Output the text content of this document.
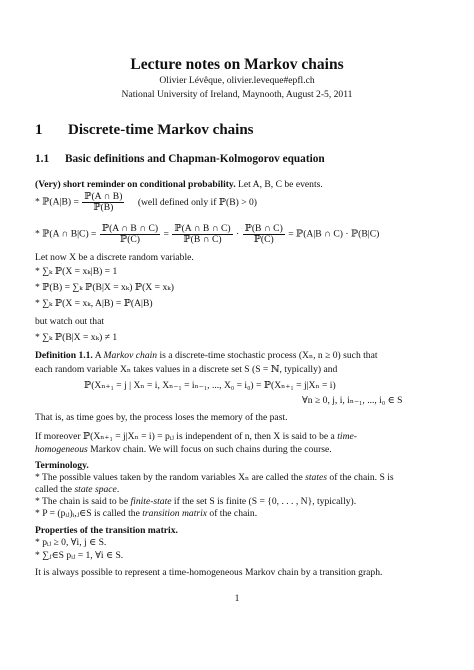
Lecture notes on Markov chains
Olivier Lévêque, olivier.leveque#epfl.ch
National University of Ireland, Maynooth, August 2-5, 2011
1 Discrete-time Markov chains
1.1 Basic definitions and Chapman-Kolmogorov equation
(Very) short reminder on conditional probability. Let A, B, C be events.
* ℙ(A|B) = $\frac{\text{ℙ(A ∩ B)}}{\text{ℙ(B)}}$ (well defined only if ℙ(B) > 0)
* ℙ(A ∩ $B|C) = \frac{\text{ℙ(A ∩ B ∩ C)}}{\text{ℙ(C)}} = \frac{\text{ℙ(A ∩ B ∩ C)}}{\text{ℙ(B ∩ C)}} \cdot \frac{\text{ℙ(B ∩ C)}}{\text{ℙ(C)}}$ = ℙ(A|B ∩ C) · ℙ(B|C)
Let now X be a discrete random variable.
* ∑ₖ ℙ(X = xₖ|B) = 1
* ℙ(B) = ∑ₖ ℙ(B|X = xₖ) ℙ(X = xₖ)
* ∑ₖ ℙ(X = xₖ, A|B) = ℙ(A|B)
but watch out that
* ∑ₖ ℙ(B|X = xₖ) ≠ 1
Definition 1.1. A Markov chain is a discrete-time stochastic process (Xₙ, n ≥ 0) such that
each random variable Xₙ takes values in a discrete set S (S = ℕ, typically) and
ℙ(Xₙ₊₁ = j | Xₙ = i, Xₙ₋₁ = iₙ₋₁, ..., X₀ = i₀) = ℙ(Xₙ₊₁ = j|Xₙ = i)
∀n ≥ 0, j, i, iₙ₋₁, ..., i₀ ∈ S
That is, as time goes by, the process loses the memory of the past.
If moreover ℙ(Xₙ₊₁ = j|Xₙ = i) = pᵢⱼ is independent of n, then X is said to be a time-
homogeneous Markov chain. We will focus on such chains during the course.
Terminology.
* The possible values taken by the random variables Xₙ are called the states of the chain. S is
called the state space.
* The chain is said to be finite-state if the set S is finite (S = {0, . . . , N}, typically).
* P = (pᵢⱼ)ᵢ,ⱼ∈S is called the transition matrix of the chain.
Properties of the transition matrix.
* pᵢⱼ ≥ 0, ∀i, j ∈ S.
* ∑ⱼ∈S pᵢⱼ = 1, ∀i ∈ S.
It is always possible to represent a time-homogeneous Markov chain by a transition graph.
1
